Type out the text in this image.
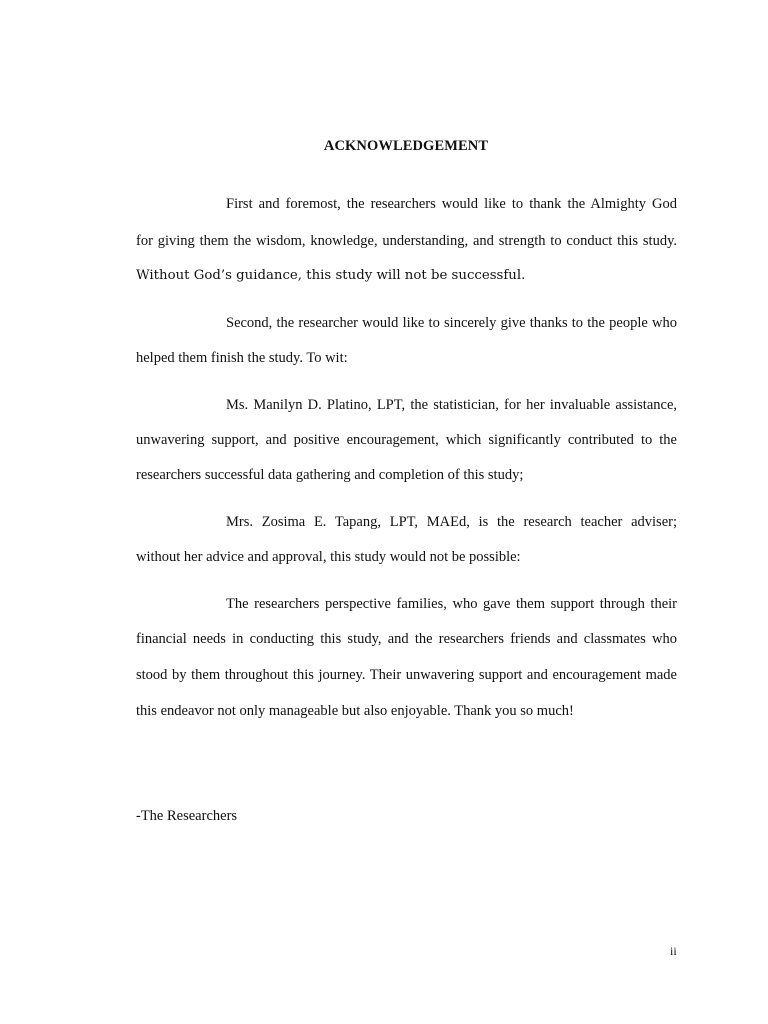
ACKNOWLEDGEMENT
First and foremost, the researchers would like to thank the Almighty God
for giving them the wisdom, knowledge, understanding, and strength to conduct this study.
Without God’s guidance, this study will not be successful.
Second, the researcher would like to sincerely give thanks to the people who
helped them finish the study. To wit:
Ms. Manilyn D. Platino, LPT, the statistician, for her invaluable assistance,
unwavering support, and positive encouragement, which significantly contributed to the
researchers successful data gathering and completion of this study;
Mrs. Zosima E. Tapang, LPT, MAEd, is the research teacher adviser;
without her advice and approval, this study would not be possible:
The researchers perspective families, who gave them support through their
financial needs in conducting this study, and the researchers friends and classmates who
stood by them throughout this journey. Their unwavering support and encouragement made
this endeavor not only manageable but also enjoyable. Thank you so much!
-The Researchers
ii
